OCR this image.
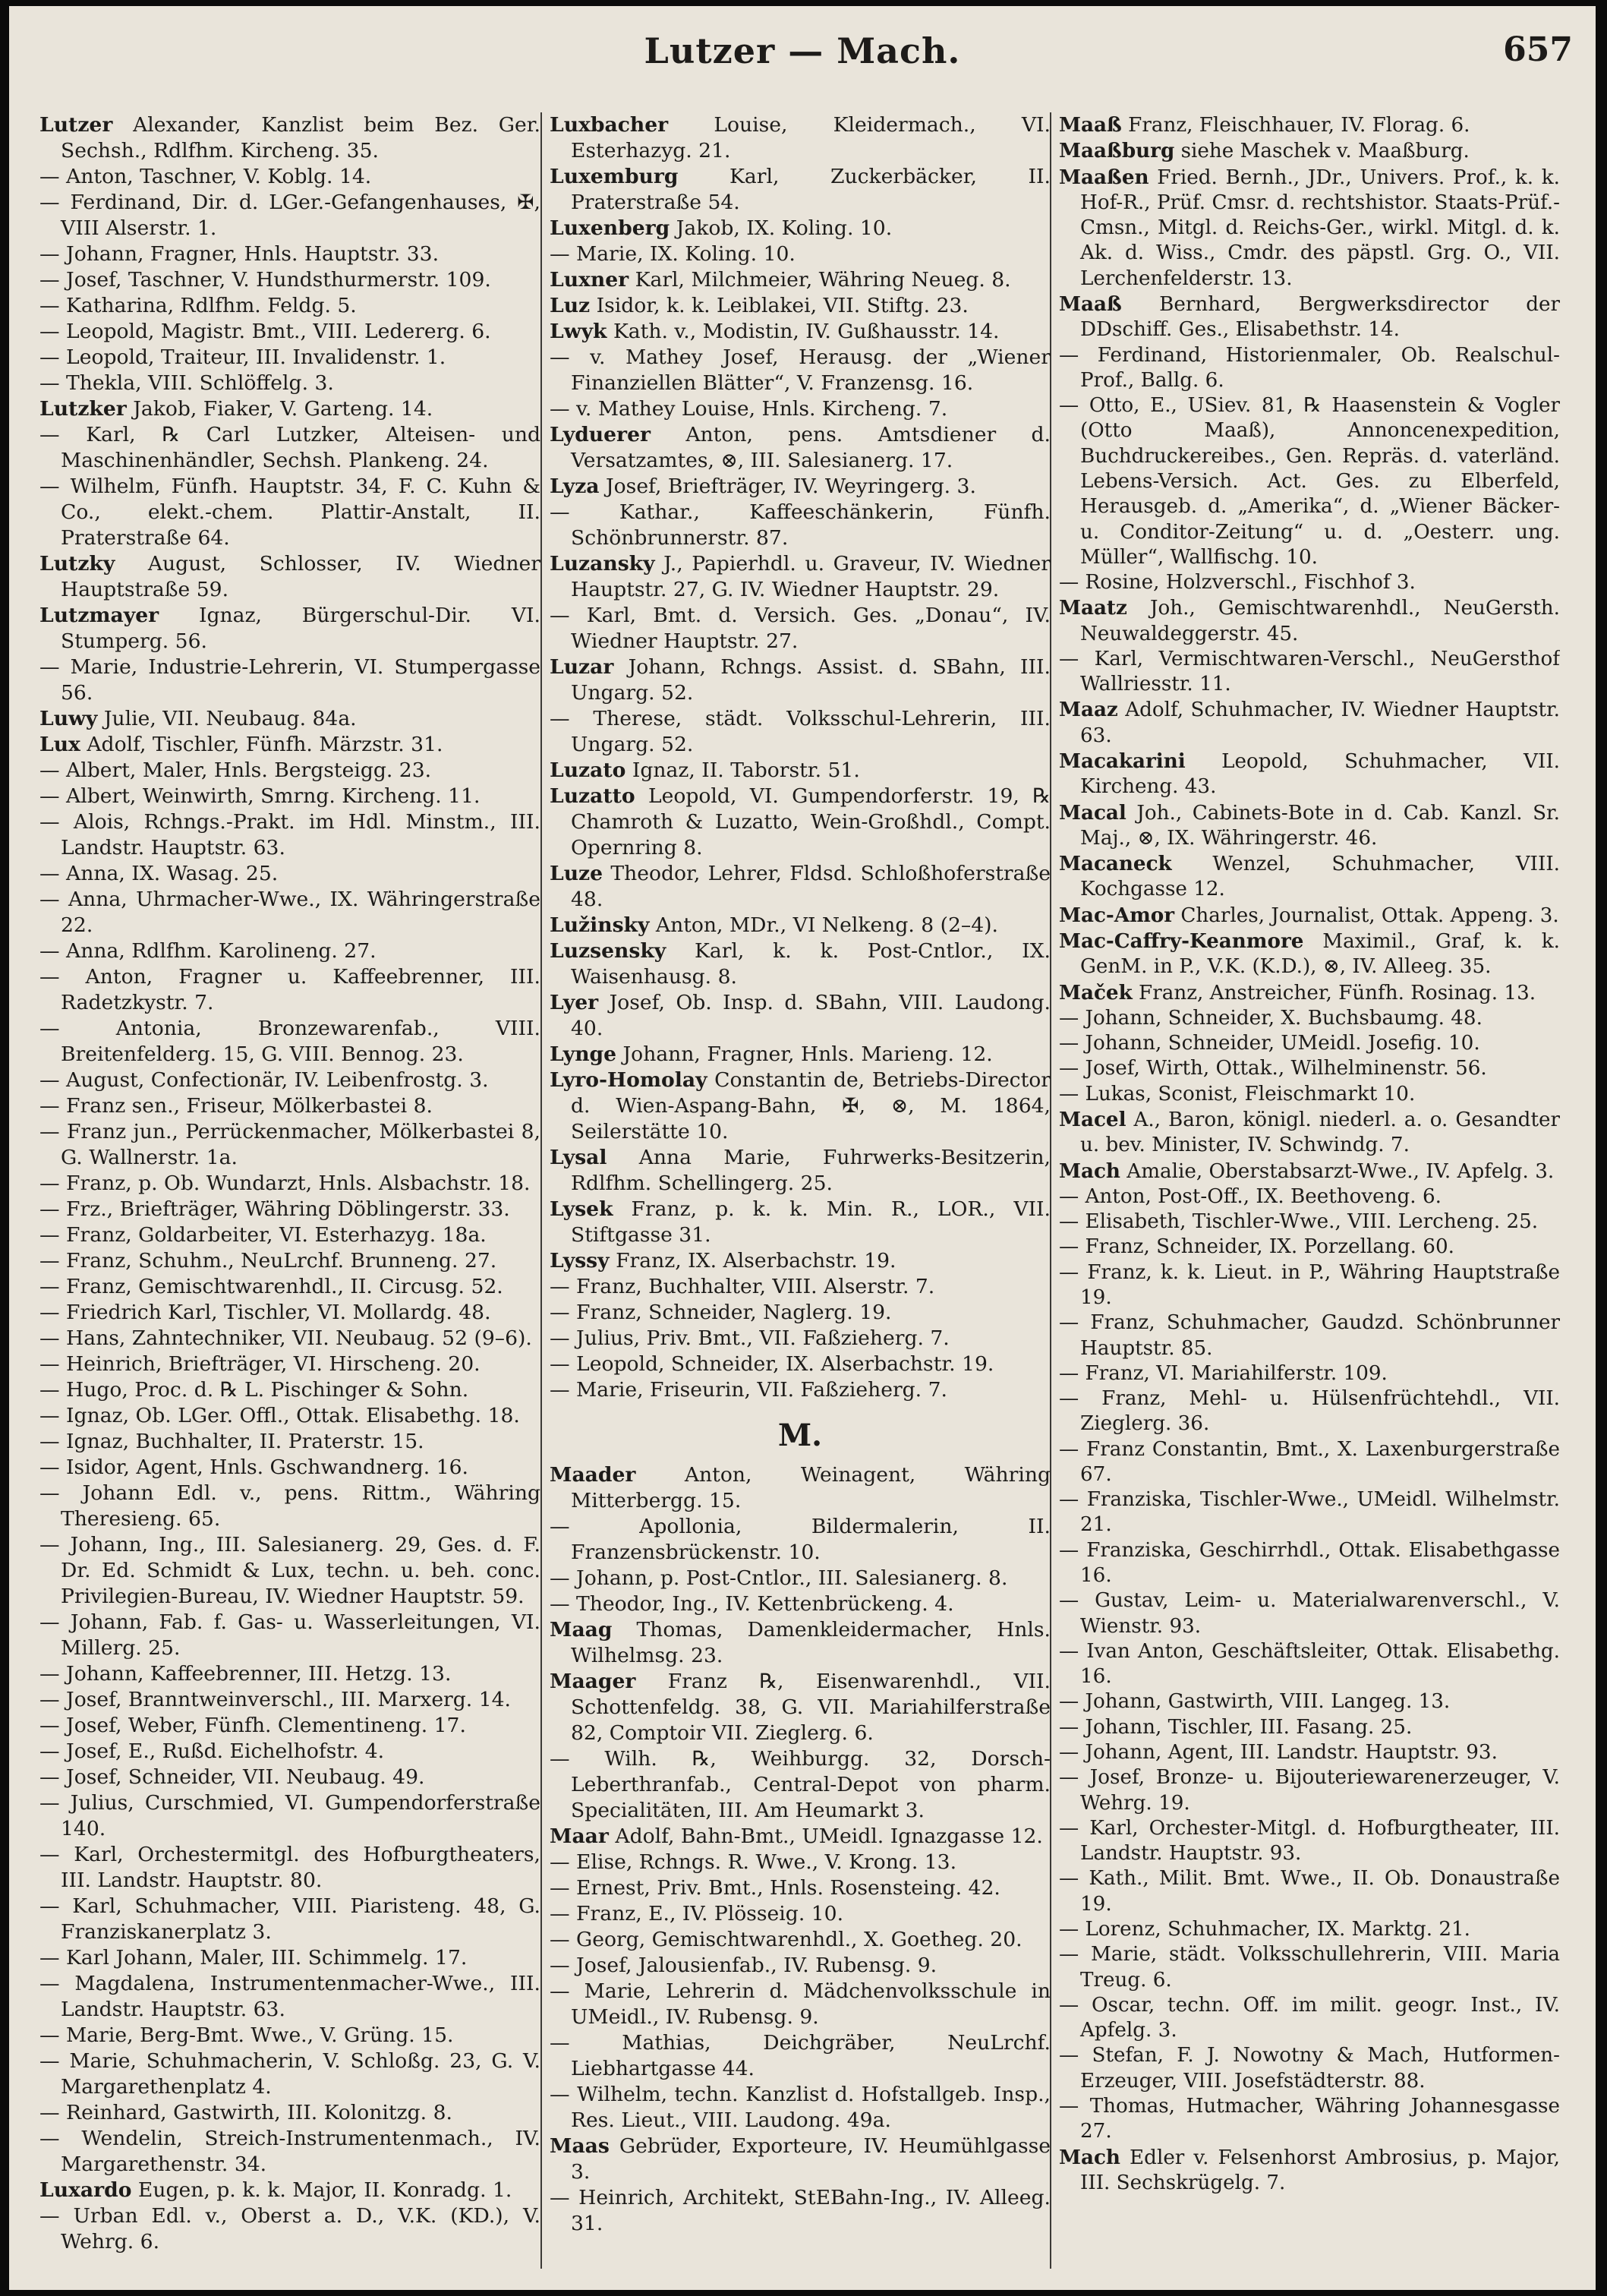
Lutzer — Mach.	657

Lutzer Alexander, Kanzlist beim Bez. Ger. Sechsh., Rdlfhm. Kircheng. 35.

— Anton, Taschner, V. Koblg. 14.

— Ferdinand, Dir. d. LGer.-Gefangenhauses, ✠, VIII Alserstr. 1.

— Johann, Fragner, Hnls. Hauptstr. 33.

— Josef, Taschner, V. Hundsthurmerstr. 109.

— Katharina, Rdlfhm. Feldg. 5.

— Leopold, Magistr. Bmt., VIII. Ledererg. 6.

— Leopold, Traiteur, III. Invalidenstr. 1.

— Thekla, VIII. Schlöffelg. 3.

Lutzker Jakob, Fiaker, V. Garteng. 14.

— Karl, ℞ Carl Lutzker, Alteisen- und Maschinenhändler, Sechsh. Plankeng. 24.

— Wilhelm, Fünfh. Hauptstr. 34, F. C. Kuhn & Co., elekt.-chem. Plattir-Anstalt, II. Praterstraße 64.

Lutzky August, Schlosser, IV. Wiedner Hauptstraße 59.

Lutzmayer Ignaz, Bürgerschul-Dir. VI. Stumperg. 56.

— Marie, Industrie-Lehrerin, VI. Stumpergasse 56.

Luwy Julie, VII. Neubaug. 84a.

Lux Adolf, Tischler, Fünfh. Märzstr. 31.

— Albert, Maler, Hnls. Bergsteigg. 23.

— Albert, Weinwirth, Smrng. Kircheng. 11.

— Alois, Rchngs.-Prakt. im Hdl. Minstm., III. Landstr. Hauptstr. 63.

— Anna, IX. Wasag. 25.

— Anna, Uhrmacher-Wwe., IX. Währingerstraße 22.

— Anna, Rdlfhm. Karolineng. 27.

— Anton, Fragner u. Kaffeebrenner, III. Radetzkystr. 7.

— Antonia, Bronzewarenfab., VIII. Breitenfelderg. 15, G. VIII. Bennog. 23.

— August, Confectionär, IV. Leibenfrostg. 3.

— Franz sen., Friseur, Mölkerbastei 8.

— Franz jun., Perrückenmacher, Mölkerbastei 8, G. Wallnerstr. 1a.

— Franz, p. Ob. Wundarzt, Hnls. Alsbachstr. 18.

— Frz., Briefträger, Währing Döblingerstr. 33.

— Franz, Goldarbeiter, VI. Esterhazyg. 18a.

— Franz, Schuhm., NeuLrchf. Brunneng. 27.

— Franz, Gemischtwarenhdl., II. Circusg. 52.

— Friedrich Karl, Tischler, VI. Mollardg. 48.

— Hans, Zahntechniker, VII. Neubaug. 52 (9–6).

— Heinrich, Briefträger, VI. Hirscheng. 20.

— Hugo, Proc. d. ℞ L. Pischinger & Sohn.

— Ignaz, Ob. LGer. Offl., Ottak. Elisabethg. 18.

— Ignaz, Buchhalter, II. Praterstr. 15.

— Isidor, Agent, Hnls. Gschwandnerg. 16.

— Johann Edl. v., pens. Rittm., Währing Theresieng. 65.

— Johann, Ing., III. Salesianerg. 29, Ges. d. F. Dr. Ed. Schmidt & Lux, techn. u. beh. conc. Privilegien-Bureau, IV. Wiedner Hauptstr. 59.

— Johann, Fab. f. Gas- u. Wasserleitungen, VI. Millerg. 25.

— Johann, Kaffeebrenner, III. Hetzg. 13.

— Josef, Branntweinverschl., III. Marxerg. 14.

— Josef, Weber, Fünfh. Clementineng. 17.

— Josef, E., Rußd. Eichelhofstr. 4.

— Josef, Schneider, VII. Neubaug. 49.

— Julius, Curschmied, VI. Gumpendorferstraße 140.

— Karl, Orchestermitgl. des Hofburgtheaters, III. Landstr. Hauptstr. 80.

— Karl, Schuhmacher, VIII. Piaristeng. 48, G. Franziskanerplatz 3.

— Karl Johann, Maler, III. Schimmelg. 17.

— Magdalena, Instrumentenmacher-Wwe., III. Landstr. Hauptstr. 63.

— Marie, Berg-Bmt. Wwe., V. Grüng. 15.

— Marie, Schuhmacherin, V. Schloßg. 23, G. V. Margarethenplatz 4.

— Reinhard, Gastwirth, III. Kolonitzg. 8.

— Wendelin, Streich-Instrumentenmach., IV. Margarethenstr. 34.

Luxardo Eugen, p. k. k. Major, II. Konradg. 1.

— Urban Edl. v., Oberst a. D., V.K. (KD.), V. Wehrg. 6.

Luxbacher Louise, Kleidermach., VI. Esterhazyg. 21.

Luxemburg Karl, Zuckerbäcker, II. Praterstraße 54.

Luxenberg Jakob, IX. Koling. 10.

— Marie, IX. Koling. 10.

Luxner Karl, Milchmeier, Währing Neueg. 8.

Luz Isidor, k. k. Leiblakei, VII. Stiftg. 23.

Lwyk Kath. v., Modistin, IV. Gußhausstr. 14.

— v. Mathey Josef, Herausg. der „Wiener Finanziellen Blätter“, V. Franzensg. 16.

— v. Mathey Louise, Hnls. Kircheng. 7.

Lyduerer Anton, pens. Amtsdiener d. Versatzamtes, ⊗, III. Salesianerg. 17.

Lyza Josef, Briefträger, IV. Weyringerg. 3.

— Kathar., Kaffeeschänkerin, Fünfh. Schönbrunnerstr. 87.

Luzansky J., Papierhdl. u. Graveur, IV. Wiedner Hauptstr. 27, G. IV. Wiedner Hauptstr. 29.

— Karl, Bmt. d. Versich. Ges. „Donau“, IV. Wiedner Hauptstr. 27.

Luzar Johann, Rchngs. Assist. d. SBahn, III. Ungarg. 52.

— Therese, städt. Volksschul-Lehrerin, III. Ungarg. 52.

Luzato Ignaz, II. Taborstr. 51.

Luzatto Leopold, VI. Gumpendorferstr. 19, ℞ Chamroth & Luzatto, Wein-Großhdl., Compt. Opernring 8.

Luze Theodor, Lehrer, Fldsd. Schloßhoferstraße 48.

Lužinsky Anton, MDr., VI Nelkeng. 8 (2–4).

Luzsensky Karl, k. k. Post-Cntlor., IX. Waisenhausg. 8.

Lyer Josef, Ob. Insp. d. SBahn, VIII. Laudong. 40.

Lynge Johann, Fragner, Hnls. Marieng. 12.

Lyro-Homolay Constantin de, Betriebs-Director d. Wien-Aspang-Bahn, ✠, ⊗, M. 1864, Seilerstätte 10.

Lysal Anna Marie, Fuhrwerks-Besitzerin, Rdlfhm. Schellingerg. 25.

Lysek Franz, p. k. k. Min. R., LOR., VII. Stiftgasse 31.

Lyssy Franz, IX. Alserbachstr. 19.

— Franz, Buchhalter, VIII. Alserstr. 7.

— Franz, Schneider, Naglerg. 19.

— Julius, Priv. Bmt., VII. Faßzieherg. 7.

— Leopold, Schneider, IX. Alserbachstr. 19.

— Marie, Friseurin, VII. Faßzieherg. 7.

M.

Maader Anton, Weinagent, Währing Mitterbergg. 15.

— Apollonia, Bildermalerin, II. Franzensbrückenstr. 10.

— Johann, p. Post-Cntlor., III. Salesianerg. 8.

— Theodor, Ing., IV. Kettenbrückeng. 4.

Maag Thomas, Damenkleidermacher, Hnls. Wilhelmsg. 23.

Maager Franz ℞, Eisenwarenhdl., VII. Schottenfeldg. 38, G. VII. Mariahilferstraße 82, Comptoir VII. Zieglerg. 6.

— Wilh. ℞, Weihburgg. 32, Dorsch-Leberthranfab., Central-Depot von pharm. Specialitäten, III. Am Heumarkt 3.

Maar Adolf, Bahn-Bmt., UMeidl. Ignazgasse 12.

— Elise, Rchngs. R. Wwe., V. Krong. 13.

— Ernest, Priv. Bmt., Hnls. Rosensteing. 42.

— Franz, E., IV. Plösseig. 10.

— Georg, Gemischtwarenhdl., X. Goetheg. 20.

— Josef, Jalousienfab., IV. Rubensg. 9.

— Marie, Lehrerin d. Mädchenvolksschule in UMeidl., IV. Rubensg. 9.

— Mathias, Deichgräber, NeuLrchf. Liebhartgasse 44.

— Wilhelm, techn. Kanzlist d. Hofstallgeb. Insp., Res. Lieut., VIII. Laudong. 49a.

Maas Gebrüder, Exporteure, IV. Heumühlgasse 3.

— Heinrich, Architekt, StEBahn-Ing., IV. Alleeg. 31.

Maaß Franz, Fleischhauer, IV. Florag. 6.

Maaßburg siehe Maschek v. Maaßburg.

Maaßen Fried. Bernh., JDr., Univers. Prof., k. k. Hof-R., Prüf. Cmsr. d. rechtshistor. Staats-Prüf.-Cmsn., Mitgl. d. Reichs-Ger., wirkl. Mitgl. d. k. Ak. d. Wiss., Cmdr. des päpstl. Grg. O., VII. Lerchenfelderstr. 13.

Maaß Bernhard, Bergwerksdirector der DDschiff. Ges., Elisabethstr. 14.

— Ferdinand, Historienmaler, Ob. Realschul-Prof., Ballg. 6.

— Otto, E., USiev. 81, ℞ Haasenstein & Vogler (Otto Maaß), Annoncenexpedition, Buchdruckereibes., Gen. Repräs. d. vaterländ. Lebens-Versich. Act. Ges. zu Elberfeld, Herausgeb. d. „Amerika“, d. „Wiener Bäcker- u. Conditor-Zeitung“ u. d. „Oesterr. ung. Müller“, Wallfischg. 10.

— Rosine, Holzverschl., Fischhof 3.

Maatz Joh., Gemischtwarenhdl., NeuGersth. Neuwaldeggerstr. 45.

— Karl, Vermischtwaren-Verschl., NeuGersthof Wallriesstr. 11.

Maaz Adolf, Schuhmacher, IV. Wiedner Hauptstr. 63.

Macakarini Leopold, Schuhmacher, VII. Kircheng. 43.

Macal Joh., Cabinets-Bote in d. Cab. Kanzl. Sr. Maj., ⊗, IX. Währingerstr. 46.

Macaneck Wenzel, Schuhmacher, VIII. Kochgasse 12.

Mac-Amor Charles, Journalist, Ottak. Appeng. 3.

Mac-Caffry-Keanmore Maximil., Graf, k. k. GenM. in P., V.K. (K.D.), ⊗, IV. Alleeg. 35.

Maček Franz, Anstreicher, Fünfh. Rosinag. 13.

— Johann, Schneider, X. Buchsbaumg. 48.

— Johann, Schneider, UMeidl. Josefig. 10.

— Josef, Wirth, Ottak., Wilhelminenstr. 56.

— Lukas, Sconist, Fleischmarkt 10.

Macel A., Baron, königl. niederl. a. o. Gesandter u. bev. Minister, IV. Schwindg. 7.

Mach Amalie, Oberstabsarzt-Wwe., IV. Apfelg. 3.

— Anton, Post-Off., IX. Beethoveng. 6.

— Elisabeth, Tischler-Wwe., VIII. Lercheng. 25.

— Franz, Schneider, IX. Porzellang. 60.

— Franz, k. k. Lieut. in P., Währing Hauptstraße 19.

— Franz, Schuhmacher, Gaudzd. Schönbrunner Hauptstr. 85.

— Franz, VI. Mariahilferstr. 109.

— Franz, Mehl- u. Hülsenfrüchtehdl., VII. Zieglerg. 36.

— Franz Constantin, Bmt., X. Laxenburgerstraße 67.

— Franziska, Tischler-Wwe., UMeidl. Wilhelmstr. 21.

— Franziska, Geschirrhdl., Ottak. Elisabethgasse 16.

— Gustav, Leim- u. Materialwarenverschl., V. Wienstr. 93.

— Ivan Anton, Geschäftsleiter, Ottak. Elisabethg. 16.

— Johann, Gastwirth, VIII. Langeg. 13.

— Johann, Tischler, III. Fasang. 25.

— Johann, Agent, III. Landstr. Hauptstr. 93.

— Josef, Bronze- u. Bijouteriewarenerzeuger, V. Wehrg. 19.

— Karl, Orchester-Mitgl. d. Hofburgtheater, III. Landstr. Hauptstr. 93.

— Kath., Milit. Bmt. Wwe., II. Ob. Donaustraße 19.

— Lorenz, Schuhmacher, IX. Marktg. 21.

— Marie, städt. Volksschullehrerin, VIII. Maria Treug. 6.

— Oscar, techn. Off. im milit. geogr. Inst., IV. Apfelg. 3.

— Stefan, F. J. Nowotny & Mach, Hutformen-Erzeuger, VIII. Josefstädterstr. 88.

— Thomas, Hutmacher, Währing Johannesgasse 27.

Mach Edler v. Felsenhorst Ambrosius, p. Major, III. Sechskrügelg. 7.
